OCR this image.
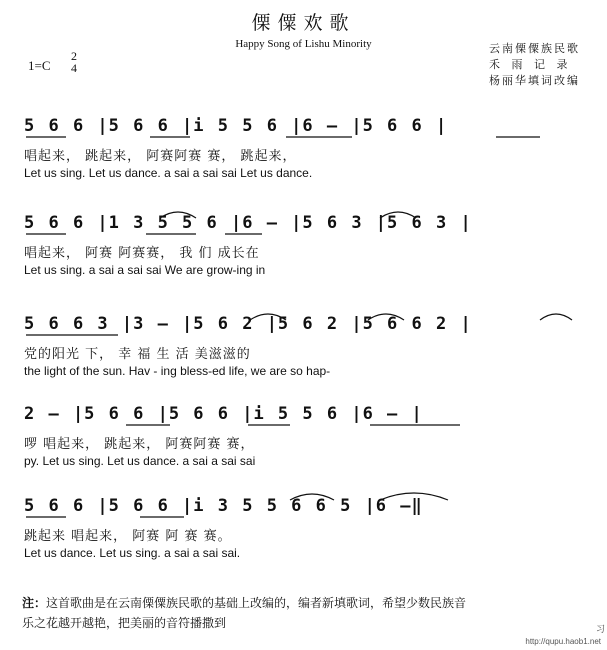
傈僳欢歌
Happy Song of Lishu Minority	云南傈僳族民歌
禾 雨 记 录
杨丽华填词改编
1=C
2
4
5 6 6 |5 6 6 |i 5 5 6 |6 — |5 6 6 |
唱起来， 跳起来， 阿赛阿赛 赛， 跳起来，
Let us sing. Let us dance. a sai a sai sai Let us dance.
5 6 6 |1 3 5 5 6 |6 — |5 6 3 |5 6 3 |
唱起来， 阿赛 阿赛赛， 我 们 成长在
Let us sing. a sai a sai sai We are grow-ing in
5 6 6 3 |3 — |5 6 2 |5 6 2 |5 6 6 2 |
党的阳光 下， 幸 福 生 活 美滋滋的
the light of the sun. Hav - ing bless-ed life, we are so hap-
2 — |5 6 6 |5 6 6 |i 5 5 6 |6 — |
啰 唱起来， 跳起来， 阿赛阿赛 赛，
py. Let us sing. Let us dance. a sai a sai sai
5 6 6 |5 6 6 |i 3 5 5 6 6 5 |6 —‖
跳起来 唱起来， 阿赛 阿 赛 赛。
Let us dance. Let us sing. a sai a sai sai.
注：这首歌曲是在云南傈僳族民歌的基础上改编的，编者新填歌词，希望少数民族音
乐之花越开越艳，把美丽的音符播撒到	习
http://qupu.haob1.net
